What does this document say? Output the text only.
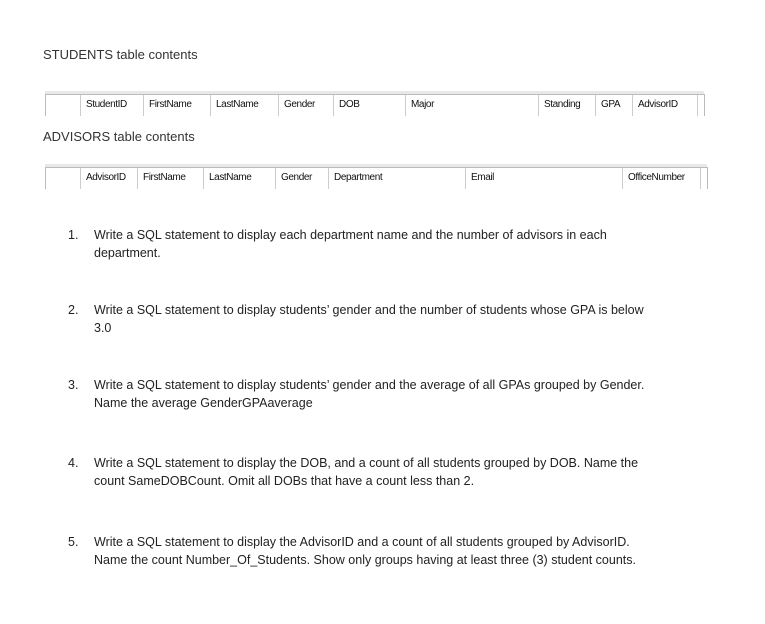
STUDENTS table contents
StudentID	FirstName	LastName	Gender	DOB	Major	Standing	GPA	AdvisorID
ADVISORS table contents
AdvisorID	FirstName	LastName	Gender	Department	Email	OfficeNumber
1. Write a SQL statement to display each department name and the number of advisors in each department.
2. Write a SQL statement to display students’ gender and the number of students whose GPA is below 3.0
3. Write a SQL statement to display students’ gender and the average of all GPAs grouped by Gender. Name the average GenderGPAaverage
4. Write a SQL statement to display the DOB, and a count of all students grouped by DOB. Name the count SameDOBCount. Omit all DOBs that have a count less than 2.
5. Write a SQL statement to display the AdvisorID and a count of all students grouped by AdvisorID. Name the count Number_Of_Students. Show only groups having at least three (3) student counts.
